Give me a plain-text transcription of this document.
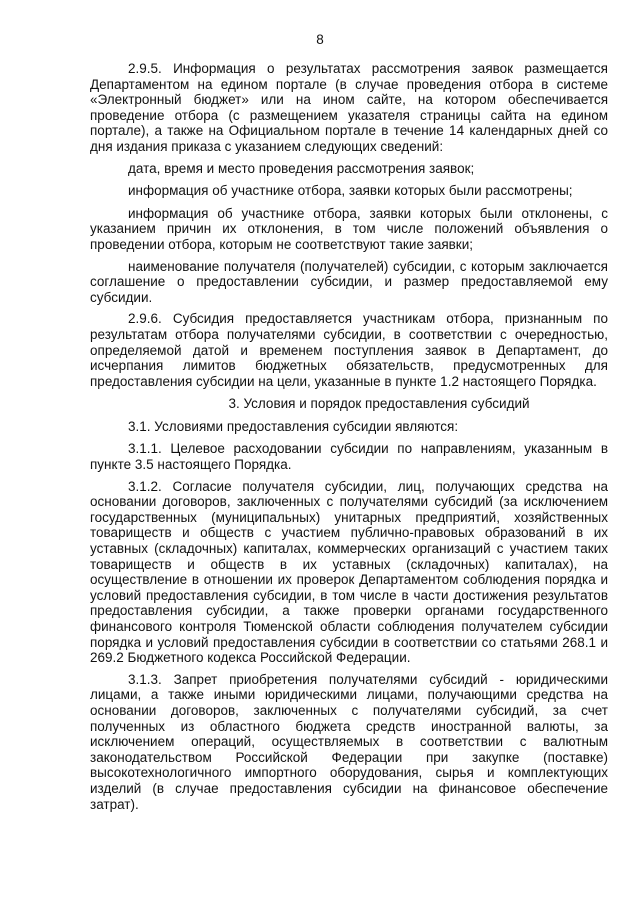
8

2.9.5. Информация о результатах рассмотрения заявок размещается Департаментом на едином портале (в случае проведения отбора в системе «Электронный бюджет» или на ином сайте, на котором обеспечивается проведение отбора (с размещением указателя страницы сайта на едином портале), а также на Официальном портале в течение 14 календарных дней со дня издания приказа с указанием следующих сведений:

дата, время и место проведения рассмотрения заявок;

информация об участнике отбора, заявки которых были рассмотрены;

информация об участнике отбора, заявки которых были отклонены, с указанием причин их отклонения, в том числе положений объявления о проведении отбора, которым не соответствуют такие заявки;

наименование получателя (получателей) субсидии, с которым заключается соглашение о предоставлении субсидии, и размер предоставляемой ему субсидии.

2.9.6. Субсидия предоставляется участникам отбора, признанным по результатам отбора получателями субсидии, в соответствии с очередностью, определяемой датой и временем поступления заявок в Департамент, до исчерпания лимитов бюджетных обязательств, предусмотренных для предоставления субсидии на цели, указанные в пункте 1.2 настоящего Порядка.

3. Условия и порядок предоставления субсидий

3.1. Условиями предоставления субсидии являются:

3.1.1. Целевое расходовании субсидии по направлениям, указанным в пункте 3.5 настоящего Порядка.

3.1.2. Согласие получателя субсидии, лиц, получающих средства на основании договоров, заключенных с получателями субсидий (за исключением государственных (муниципальных) унитарных предприятий, хозяйственных товариществ и обществ с участием публично-правовых образований в их уставных (складочных) капиталах, коммерческих организаций с участием таких товариществ и обществ в их уставных (складочных) капиталах), на осуществление в отношении их проверок Департаментом соблюдения порядка и условий предоставления субсидии, в том числе в части достижения результатов предоставления субсидии, а также проверки органами государственного финансового контроля Тюменской области соблюдения получателем субсидии порядка и условий предоставления субсидии в соответствии со статьями 268.1 и 269.2 Бюджетного кодекса Российской Федерации.

3.1.3. Запрет приобретения получателями субсидий - юридическими лицами, а также иными юридическими лицами, получающими средства на основании договоров, заключенных с получателями субсидий, за счет полученных из областного бюджета средств иностранной валюты, за исключением операций, осуществляемых в соответствии с валютным законодательством Российской Федерации при закупке (поставке) высокотехнологичного импортного оборудования, сырья и комплектующих изделий (в случае предоставления субсидии на финансовое обеспечение затрат).
